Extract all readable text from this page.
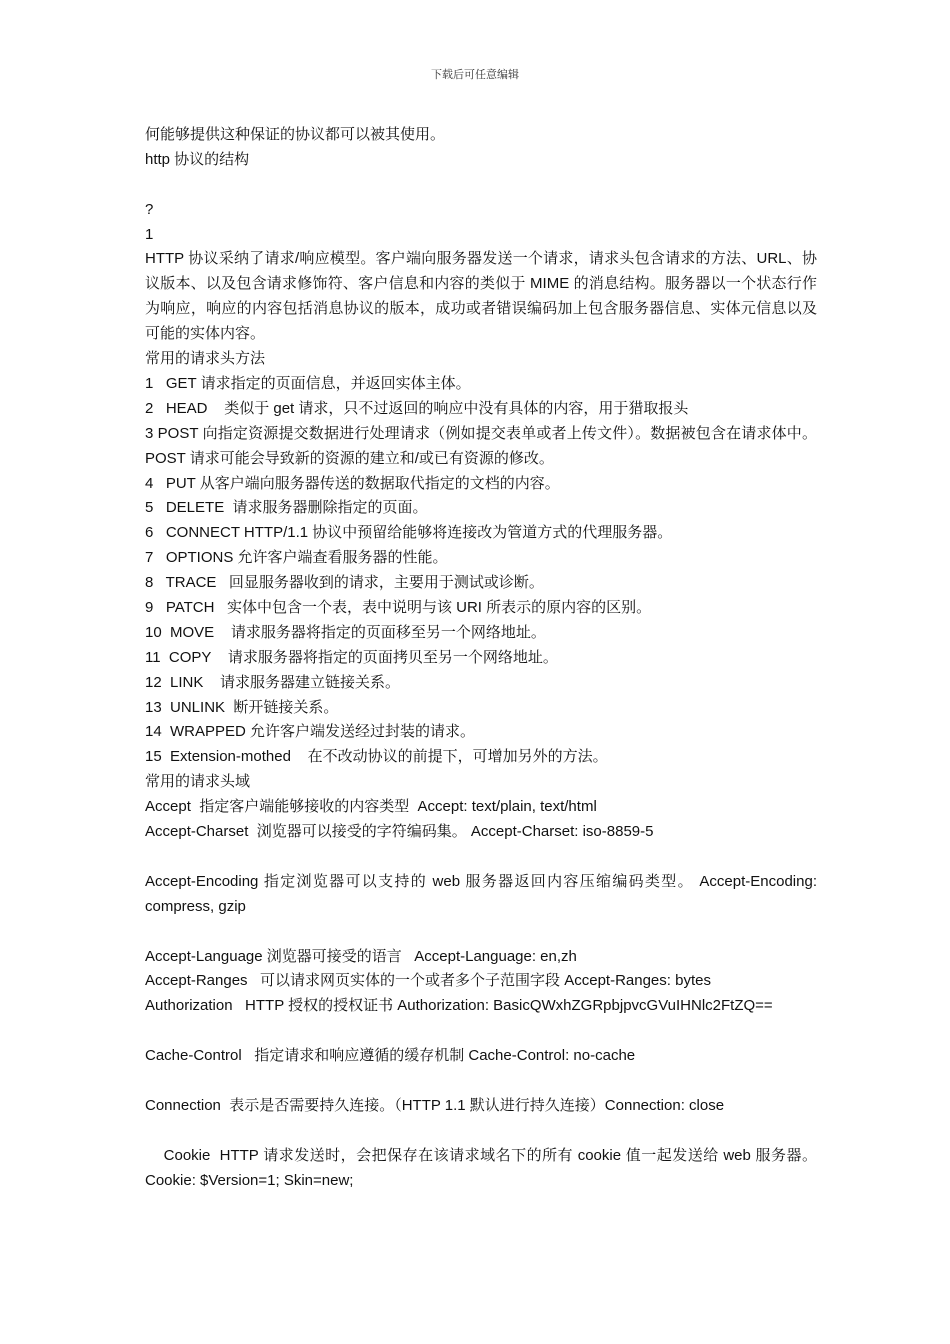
下载后可任意编辑
何能够提供这种保证的协议都可以被其使用。
http 协议的结构
?
1
HTTP 协议采纳了请求/响应模型。客户端向服务器发送一个请求，请求头包含请求的方法、URL、协议版本、以及包含请求修饰符、客户信息和内容的类似于 MIME 的消息结构。服务器以一个状态行作为响应，响应的内容包括消息协议的版本，成功或者错误编码加上包含服务器信息、实体元信息以及可能的实体内容。
常用的请求头方法
1   GET 请求指定的页面信息，并返回实体主体。
2   HEAD    类似于 get 请求，只不过返回的响应中没有具体的内容，用于猎取报头
3 POST 向指定资源提交数据进行处理请求（例如提交表单或者上传文件）。数据被包含在请求体中。POST 请求可能会导致新的资源的建立和/或已有资源的修改。
4   PUT 从客户端向服务器传送的数据取代指定的文档的内容。
5   DELETE  请求服务器删除指定的页面。
6   CONNECT HTTP/1.1 协议中预留给能够将连接改为管道方式的代理服务器。
7   OPTIONS 允许客户端查看服务器的性能。
8   TRACE   回显服务器收到的请求，主要用于测试或诊断。
9   PATCH   实体中包含一个表，表中说明与该 URI 所表示的原内容的区别。
10  MOVE    请求服务器将指定的页面移至另一个网络地址。
11  COPY    请求服务器将指定的页面拷贝至另一个网络地址。
12  LINK    请求服务器建立链接关系。
13  UNLINK  断开链接关系。
14  WRAPPED 允许客户端发送经过封装的请求。
15  Extension-mothed    在不改动协议的前提下，可增加另外的方法。
常用的请求头域
Accept  指定客户端能够接收的内容类型  Accept: text/plain, text/html
Accept-Charset  浏览器可以接受的字符编码集。 Accept-Charset: iso-8859-5
Accept-Encoding 指定浏览器可以支持的 web 服务器返回内容压缩编码类型。 Accept-Encoding: compress, gzip
Accept-Language 浏览器可接受的语言   Accept-Language: en,zh
Accept-Ranges   可以请求网页实体的一个或者多个子范围字段 Accept-Ranges: bytes
Authorization   HTTP 授权的授权证书 Authorization: BasicQWxhZGRpbjpvcGVuIHNlc2FtZQ==
Cache-Control   指定请求和响应遵循的缓存机制 Cache-Control: no-cache
Connection  表示是否需要持久连接。（HTTP 1.1 默认进行持久连接）Connection: close
Cookie  HTTP 请求发送时，会把保存在该请求域名下的所有 cookie 值一起发送给 web 服务器。 Cookie: $Version=1; Skin=new;
